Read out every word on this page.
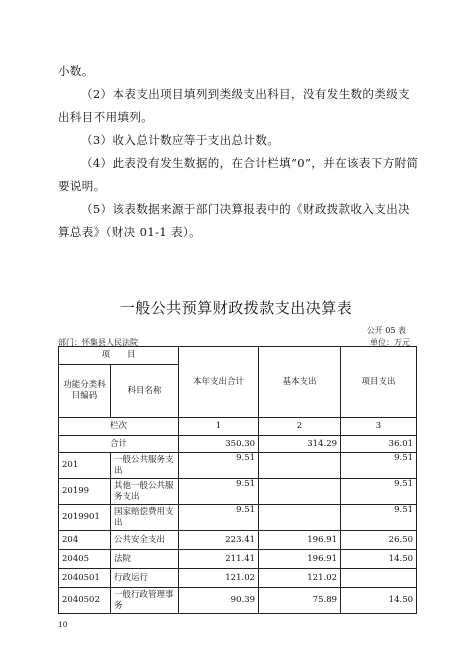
小数。

（2）本表支出项目填列到类级支出科目，没有发生数的类级支出科目不用填列。

（3）收入总计数应等于支出总计数。

（4）此表没有发生数据的，在合计栏填“0”，并在该表下方附简要说明。

（5）该表数据来源于部门决算报表中的《财政拨款收入支出决算总表》（财决 01-1 表）。

一般公共预算财政拨款支出决算表
公开 05 表
部门：怀集县人民法院	单位：万元
项　　目		本年支出合计	基本支出	项目支出
功能分类科目编码	科目名称			
栏次		1	2	3
合计		350.30	314.29	36.01
201	一般公共服务支出	9.51		9.51
20199	其他一般公共服务支出	9.51		9.51
2019901	国家赔偿费用支出	9.51		9.51
204	公共安全支出	223.41	196.91	26.50
20405	法院	211.41	196.91	14.50
2040501	行政运行	121.02	121.02	
2040502	一般行政管理事务	90.39	75.89	14.50
10
